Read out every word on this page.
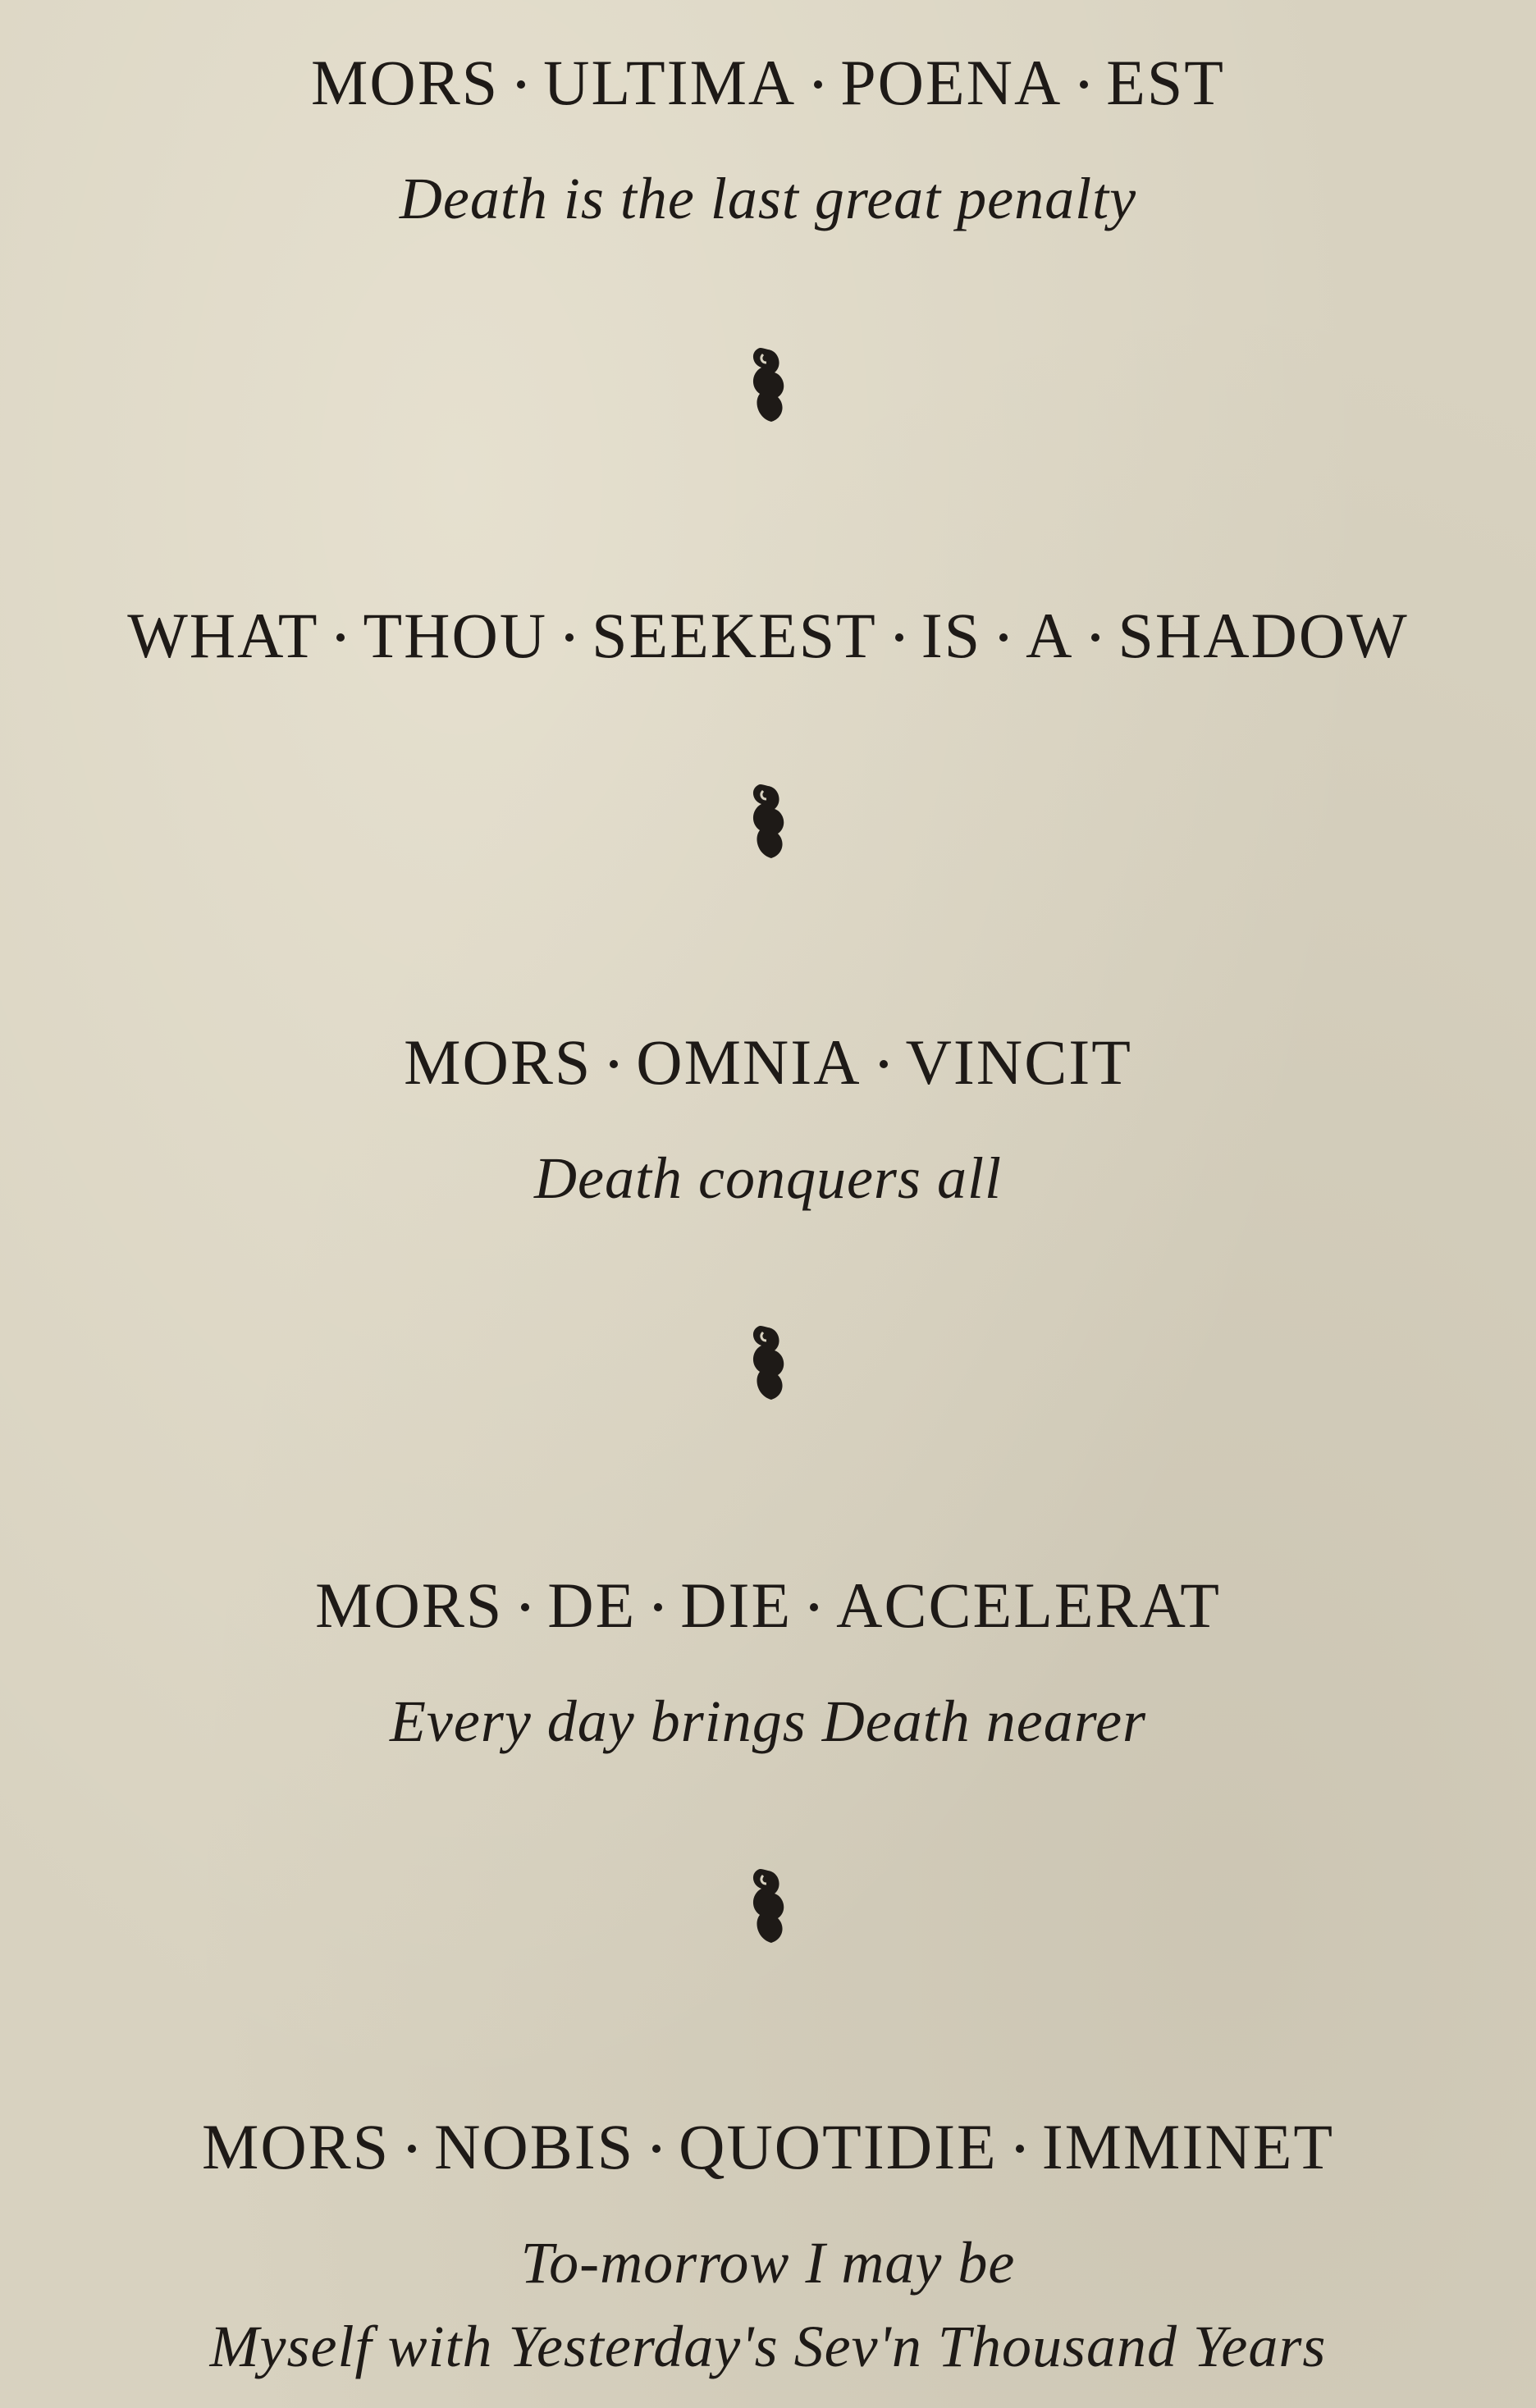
MORS ULTIMA POENA EST
Death is the last great penalty
WHAT THOU SEEKEST IS A SHADOW
MORS OMNIA VINCIT
Death conquers all
MORS DE DIE ACCELERAT
Every day brings Death nearer
MORS NOBIS QUOTIDIE IMMINET
To-morrow I may be
Myself with Yesterday's Sev'n Thousand Years
